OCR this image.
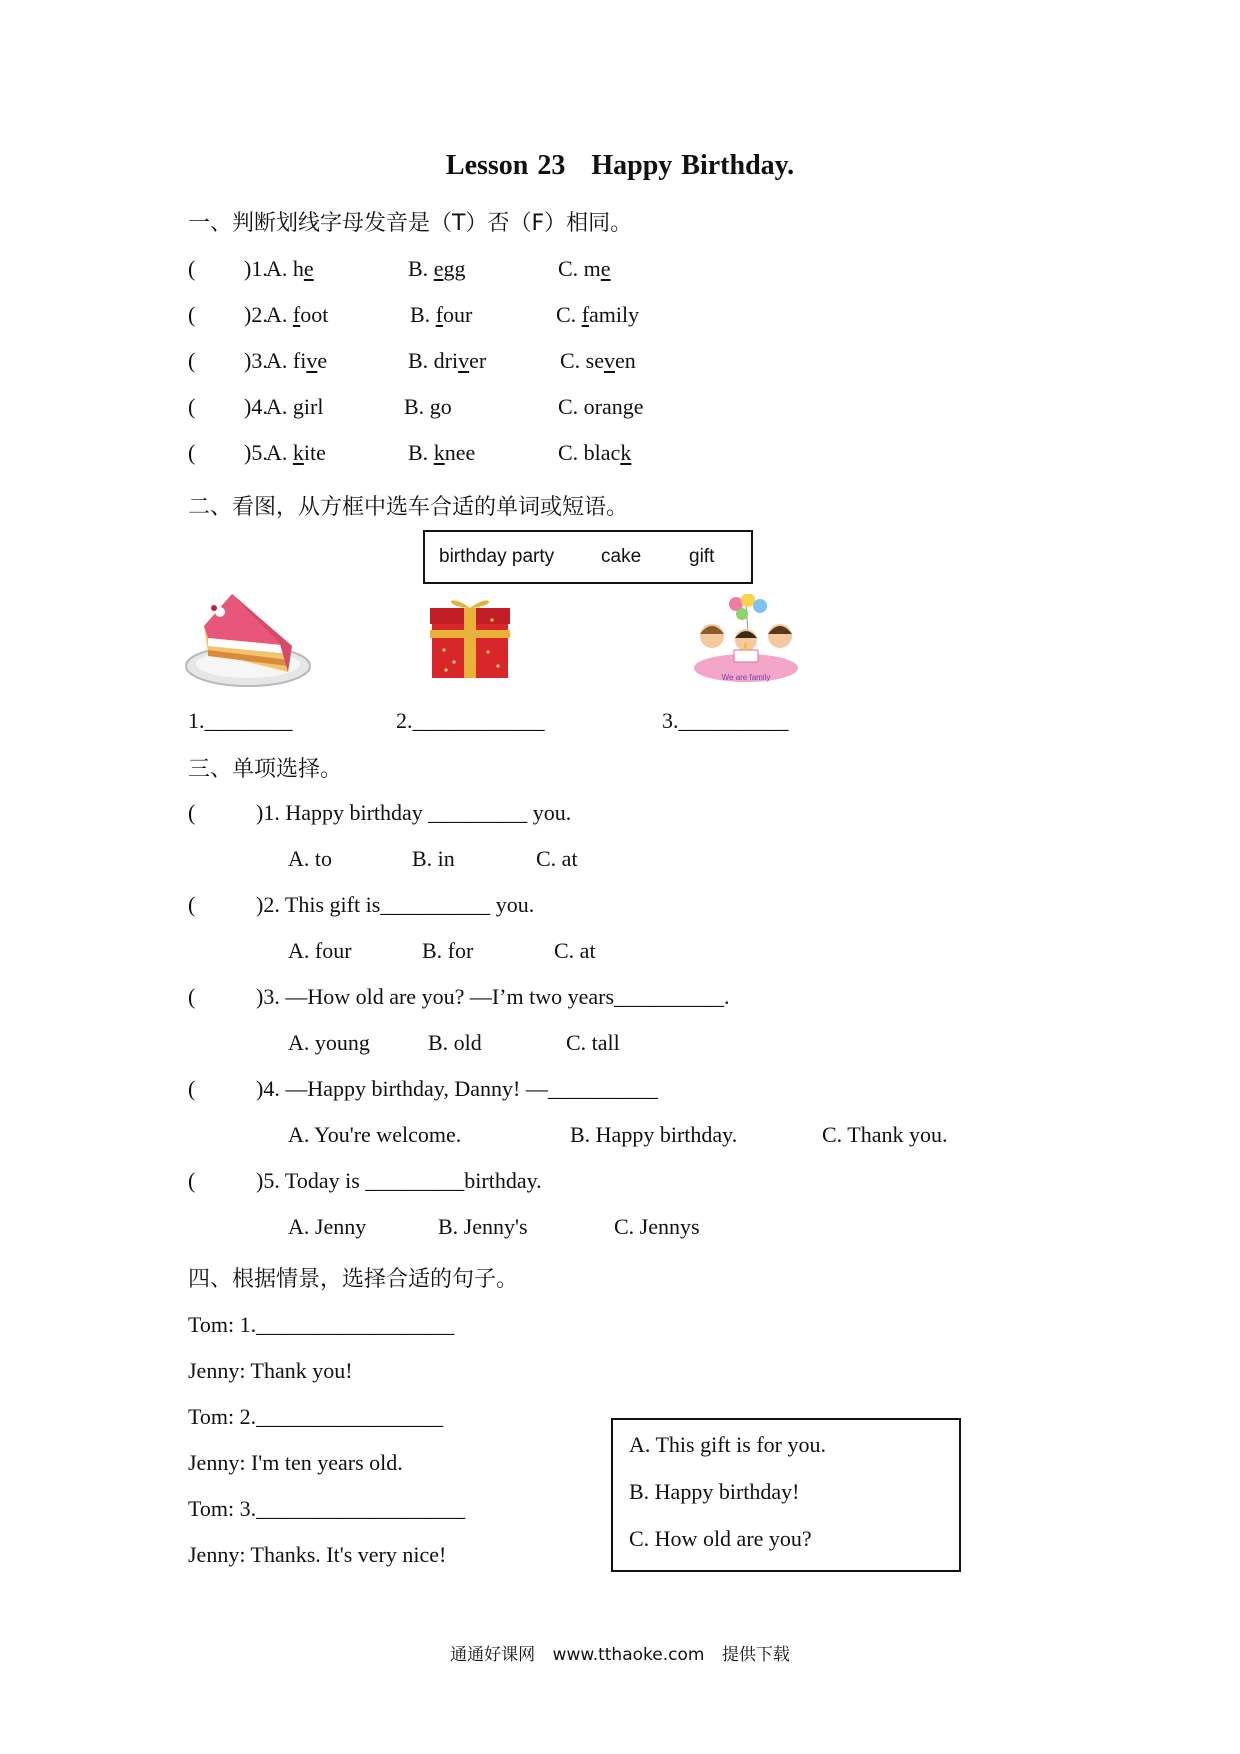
Lesson 23 Happy Birthday.
一、判断划线字母发音是（T）否（F）相同。
( )1.
A. he	B. egg	C. me
( )2.
A. foot	B. four	C. family
( )3.
A. five	B. driver	C. seven
( )4.
A. girl	B. go	C. orange
( )5.
A. kite	B. knee	C. black
二、看图，从方框中选车合适的单词或短语。
birthday party cake	gift
We are family
1.________	2.____________	3.__________
三、单项选择。
(	)1. Happy birthday _________ you.
A. to	B. in	C. at
(	)2. This gift is__________ you.
A. four	B. for	C. at
(	)3. —How old are you? —I’m two years__________.
A. young	B. old	C. tall
(	)4. —Happy birthday, Danny! —__________
A. You're welcome.	B. Happy birthday.	C. Thank you.
(	)5. Today is _________birthday.
A. Jenny	B. Jenny's	C. Jennys
四、根据情景，选择合适的句子。
Tom: 1.__________________
Jenny: Thank you!
Tom: 2._________________
Jenny: I'm ten years old.
Tom: 3.___________________
Jenny: Thanks. It's very nice!
A. This gift is for you.
B. Happy birthday!
C. How old are you?
通通好课网 www.tthaoke.com 提供下载
